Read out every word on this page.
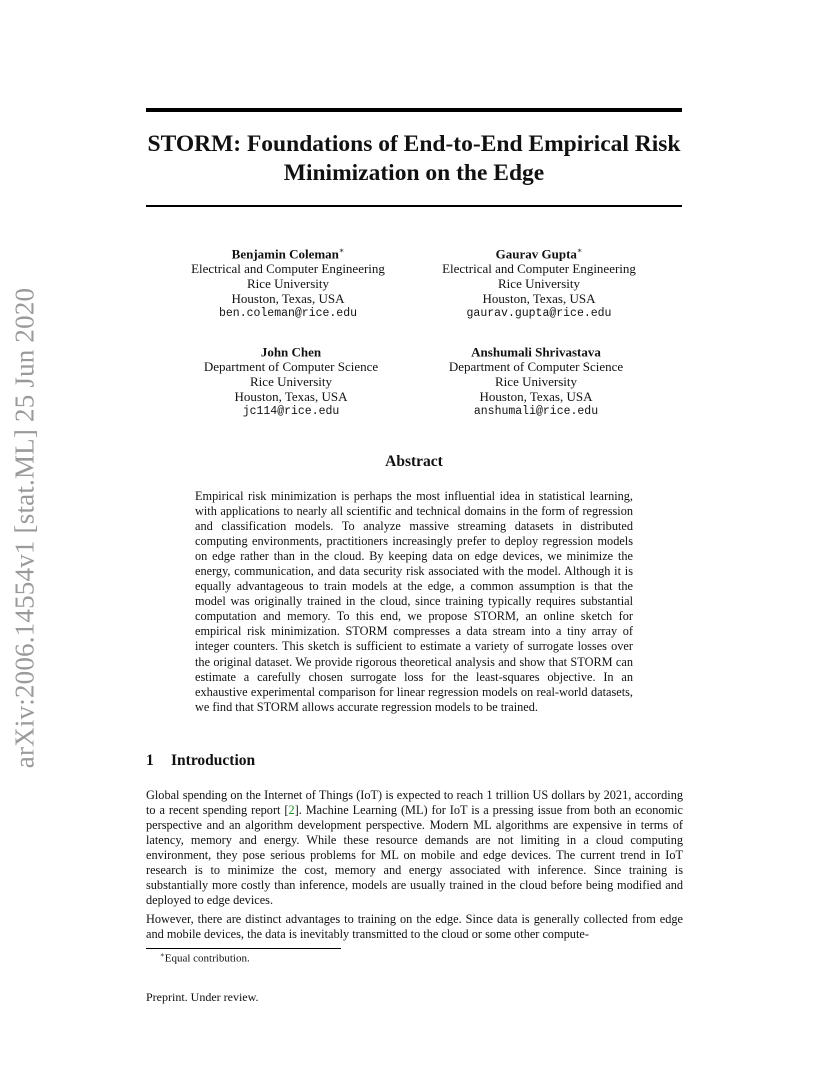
arXiv:2006.14554v1 [stat.ML] 25 Jun 2020
STORM: Foundations of End-to-End Empirical Risk
Minimization on the Edge
Benjamin Coleman∗
Electrical and Computer Engineering
Rice University
Houston, Texas, USA
ben.coleman@rice.edu
Gaurav Gupta∗
Electrical and Computer Engineering
Rice University
Houston, Texas, USA
gaurav.gupta@rice.edu
John Chen
Department of Computer Science
Rice University
Houston, Texas, USA
jc114@rice.edu
Anshumali Shrivastava
Department of Computer Science
Rice University
Houston, Texas, USA
anshumali@rice.edu
Abstract

Empirical risk minimization is perhaps the most influential idea in statistical learning, with applications to nearly all scientific and technical domains in the form of regression and classification models. To analyze massive streaming datasets in distributed computing environments, practitioners increasingly prefer to deploy regression models on edge rather than in the cloud. By keeping data on edge devices, we minimize the energy, communication, and data security risk associated with the model. Although it is equally advantageous to train models at the edge, a common assumption is that the model was originally trained in the cloud, since training typically requires substantial computation and memory. To this end, we propose STORM, an online sketch for empirical risk minimization. STORM compresses a data stream into a tiny array of integer counters. This sketch is sufficient to estimate a variety of surrogate losses over the original dataset. We provide rigorous theoretical analysis and show that STORM can estimate a carefully chosen surrogate loss for the least-squares objective. In an exhaustive experimental comparison for linear regression models on real-world datasets, we find that STORM allows accurate regression models to be trained.

1 Introduction

Global spending on the Internet of Things (IoT) is expected to reach 1 trillion US dollars by 2021, according to a recent spending report [2]. Machine Learning (ML) for IoT is a pressing issue from both an economic perspective and an algorithm development perspective. Modern ML algorithms are expensive in terms of latency, memory and energy. While these resource demands are not limiting in a cloud computing environment, they pose serious problems for ML on mobile and edge devices. The current trend in IoT research is to minimize the cost, memory and energy associated with inference. Since training is substantially more costly than inference, models are usually trained in the cloud before being modified and deployed to edge devices.

However, there are distinct advantages to training on the edge. Since data is generally collected from edge and mobile devices, the data is inevitably transmitted to the cloud or some other compute-

∗Equal contribution.

Preprint. Under review.
